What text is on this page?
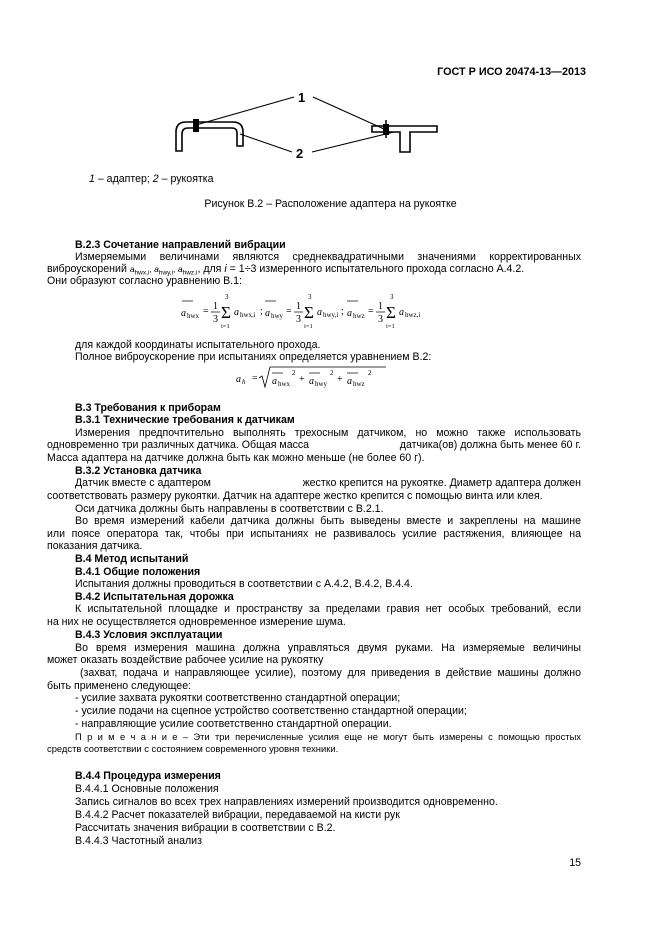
ГОСТ Р ИСО 20474-13—2013
1
2
1 – адаптер; 2 – рукоятка
Рисунок В.2 – Расположение адаптера на рукоятке
В.2.3 Сочетание направлений вибрации
Измеряемыми величинами являются среднеквадратичными значениями корректированных
виброускорений $a_{hwx,i}$, $a_{hwy,i}$, $a_{hwz,i}$, для i = 1÷3 измеренного испытательного прохода согласно А.4.2.
Они образуют согласно уравнению В.1:
a hwx = 1
3
3
Σ
i=1
a hwx,i ; a hwy = 1
3
3
Σ
i=1
a hwy,i ; a hwz = 1
3
3
Σ
i=1
a hwz,i
для каждой координаты испытательного прохода.
Полное виброускорение при испытаниях определяется уравнением В.2:
a h = a hwx
2
+ a hwy
2
+ a hwz
2
В.3 Требования к приборам
В.3.1 Технические требования к датчикам
Измерения предпочтительно выполнять трехосным датчиком, но можно также использовать
одновременно три различных датчика. Общая масса	датчика(ов) должна быть менее 60 г.
Масса адаптера на датчике должна быть как можно меньше (не более 60 г).
В.3.2 Установка датчика
Датчик вместе с адаптером	жестко крепится на рукоятке. Диаметр адаптера должен
соответствовать размеру рукоятки. Датчик на адаптере жестко крепится с помощью винта или клея.
Оси датчика должны быть направлены в соответствии с В.2.1.
Во время измерений кабели датчика должны быть выведены вместе и закреплены на машине
или поясе оператора так, чтобы при испытаниях не развивалось усилие растяжения, влияющее на
показания датчика.
В.4 Метод испытаний
В.4.1 Общие положения
Испытания должны проводиться в соответствии с А.4.2, В.4.2, В.4.4.
В.4.2 Испытательная дорожка
К испытательной площадке и пространству за пределами гравия нет особых требований, если
на них не осуществляется одновременное измерение шума.
В.4.3 Условия эксплуатации
Во время измерения машина должна управляться двумя руками. На измеряемые величины
может оказать воздействие рабочее усилие на рукоятку
(захват, подача и направляющее усилие), поэтому для приведения в действие машины должно
быть применено следующее:
- усилие захвата рукоятки соответственно стандартной операции;
- усилие подачи на сцепное устройство соответственно стандартной операции;
- направляющие усилие соответственно стандартной операции.
П р и м е ч а н и е – Эти три перечисленные усилия еще не могут быть измерены с помощью простых
средств соответствии с состоянием современного уровня техники.
В.4.4 Процедура измерения
В.4.4.1 Основные положения
Запись сигналов во всех трех направлениях измерений производится одновременно.
В.4.4.2 Расчет показателей вибрации, передаваемой на кисти рук
Рассчитать значения вибрации в соответствии с В.2.
В.4.4.3 Частотный анализ
15
